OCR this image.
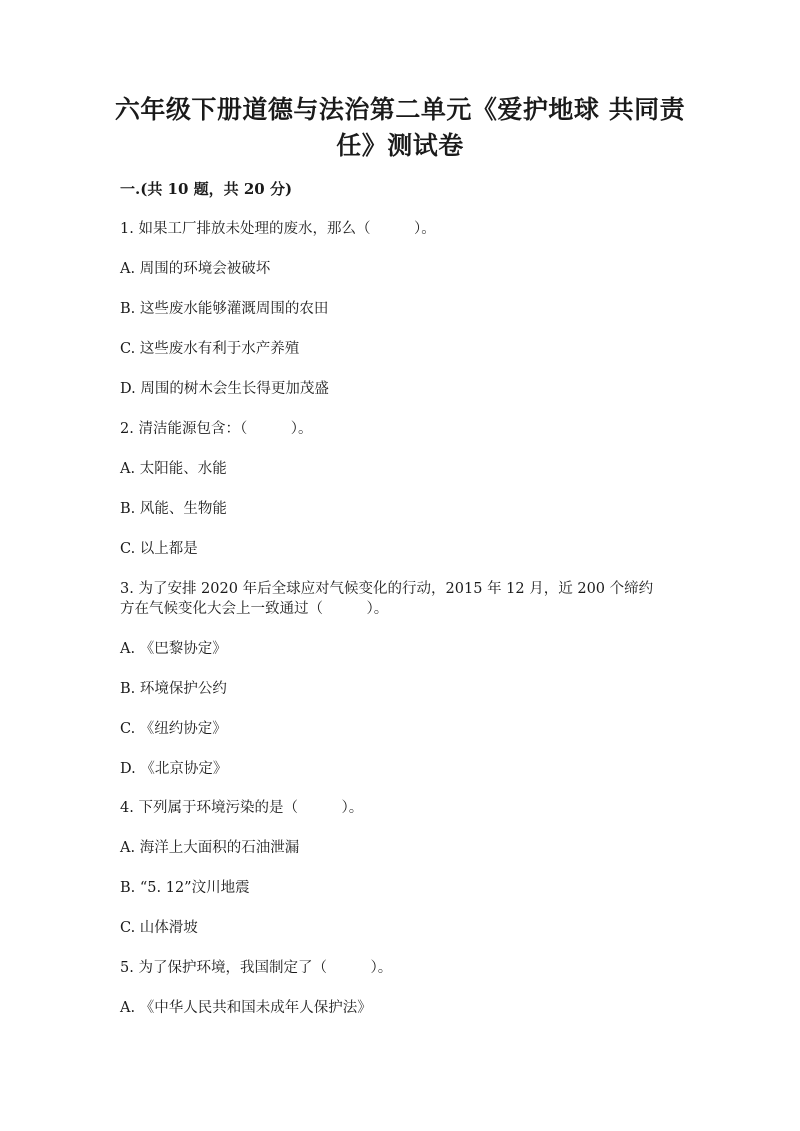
六年级下册道德与法治第二单元《爱护地球 共同责
任》测试卷
一.(共 10 题，共 20 分)
1. 如果工厂排放未处理的废水，那么（　　　）。
A. 周围的环境会被破坏
B. 这些废水能够灌溉周围的农田
C. 这些废水有利于水产养殖
D. 周围的树木会生长得更加茂盛
2. 清洁能源包含：（　　　）。
A. 太阳能、水能
B. 风能、生物能
C. 以上都是
3. 为了安排 2020 年后全球应对气候变化的行动，2015 年 12 月，近 200 个缔约
方在气候变化大会上一致通过（　　　）。
A. 《巴黎协定》
B. 环境保护公约
C. 《纽约协定》
D. 《北京协定》
4. 下列属于环境污染的是（　　　）。
A. 海洋上大面积的石油泄漏
B. “5. 12”汶川地震
C. 山体滑坡
5. 为了保护环境，我国制定了（　　　）。
A. 《中华人民共和国未成年人保护法》
